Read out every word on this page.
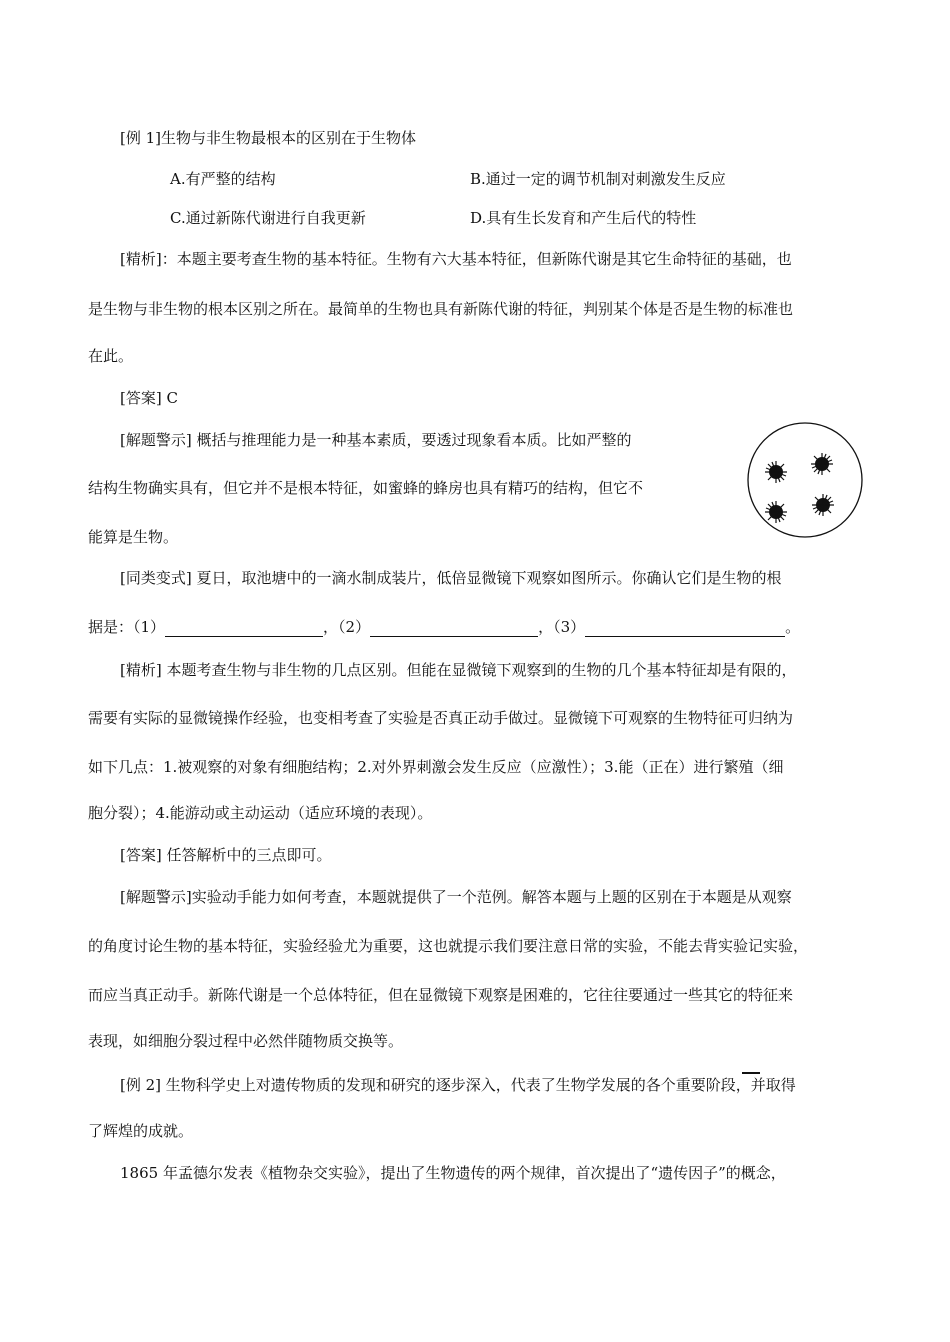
[例 1]生物与非生物最根本的区别在于生物体
A.有严整的结构	B.通过一定的调节机制对刺激发生反应
C.通过新陈代谢进行自我更新	D.具有生长发育和产生后代的特性
[精析]：本题主要考查生物的基本特征。生物有六大基本特征，但新陈代谢是其它生命特征的基础，也
是生物与非生物的根本区别之所在。最简单的生物也具有新陈代谢的特征，判别某个体是否是生物的标准也
在此。
[答案] C
[解题警示] 概括与推理能力是一种基本素质，要透过现象看本质。比如严整的
结构生物确实具有，但它并不是根本特征，如蜜蜂的蜂房也具有精巧的结构，但它不
能算是生物。
[同类变式] 夏日，取池塘中的一滴水制成装片，低倍显微镜下观察如图所示。你确认它们是生物的根
据是：（1）	，（2）	，（3）	。
[精析] 本题考查生物与非生物的几点区别。但能在显微镜下观察到的生物的几个基本特征却是有限的，
需要有实际的显微镜操作经验，也变相考查了实验是否真正动手做过。显微镜下可观察的生物特征可归纳为
如下几点：1.被观察的对象有细胞结构；2.对外界刺激会发生反应（应激性）；3.能（正在）进行繁殖（细
胞分裂）；4.能游动或主动运动（适应环境的表现）。
[答案] 任答解析中的三点即可。
[解题警示]实验动手能力如何考查，本题就提供了一个范例。解答本题与上题的区别在于本题是从观察
的角度讨论生物的基本特征，实验经验尤为重要，这也就提示我们要注意日常的实验，不能去背实验记实验，
而应当真正动手。新陈代谢是一个总体特征，但在显微镜下观察是困难的，它往往要通过一些其它的特征来
表现，如细胞分裂过程中必然伴随物质交换等。
[例 2] 生物科学史上对遗传物质的发现和研究的逐步深入，代表了生物学发展的各个重要阶段，并取得
了辉煌的成就。
1865 年孟德尔发表《植物杂交实验》，提出了生物遗传的两个规律，首次提出了“遗传因子”的概念，
